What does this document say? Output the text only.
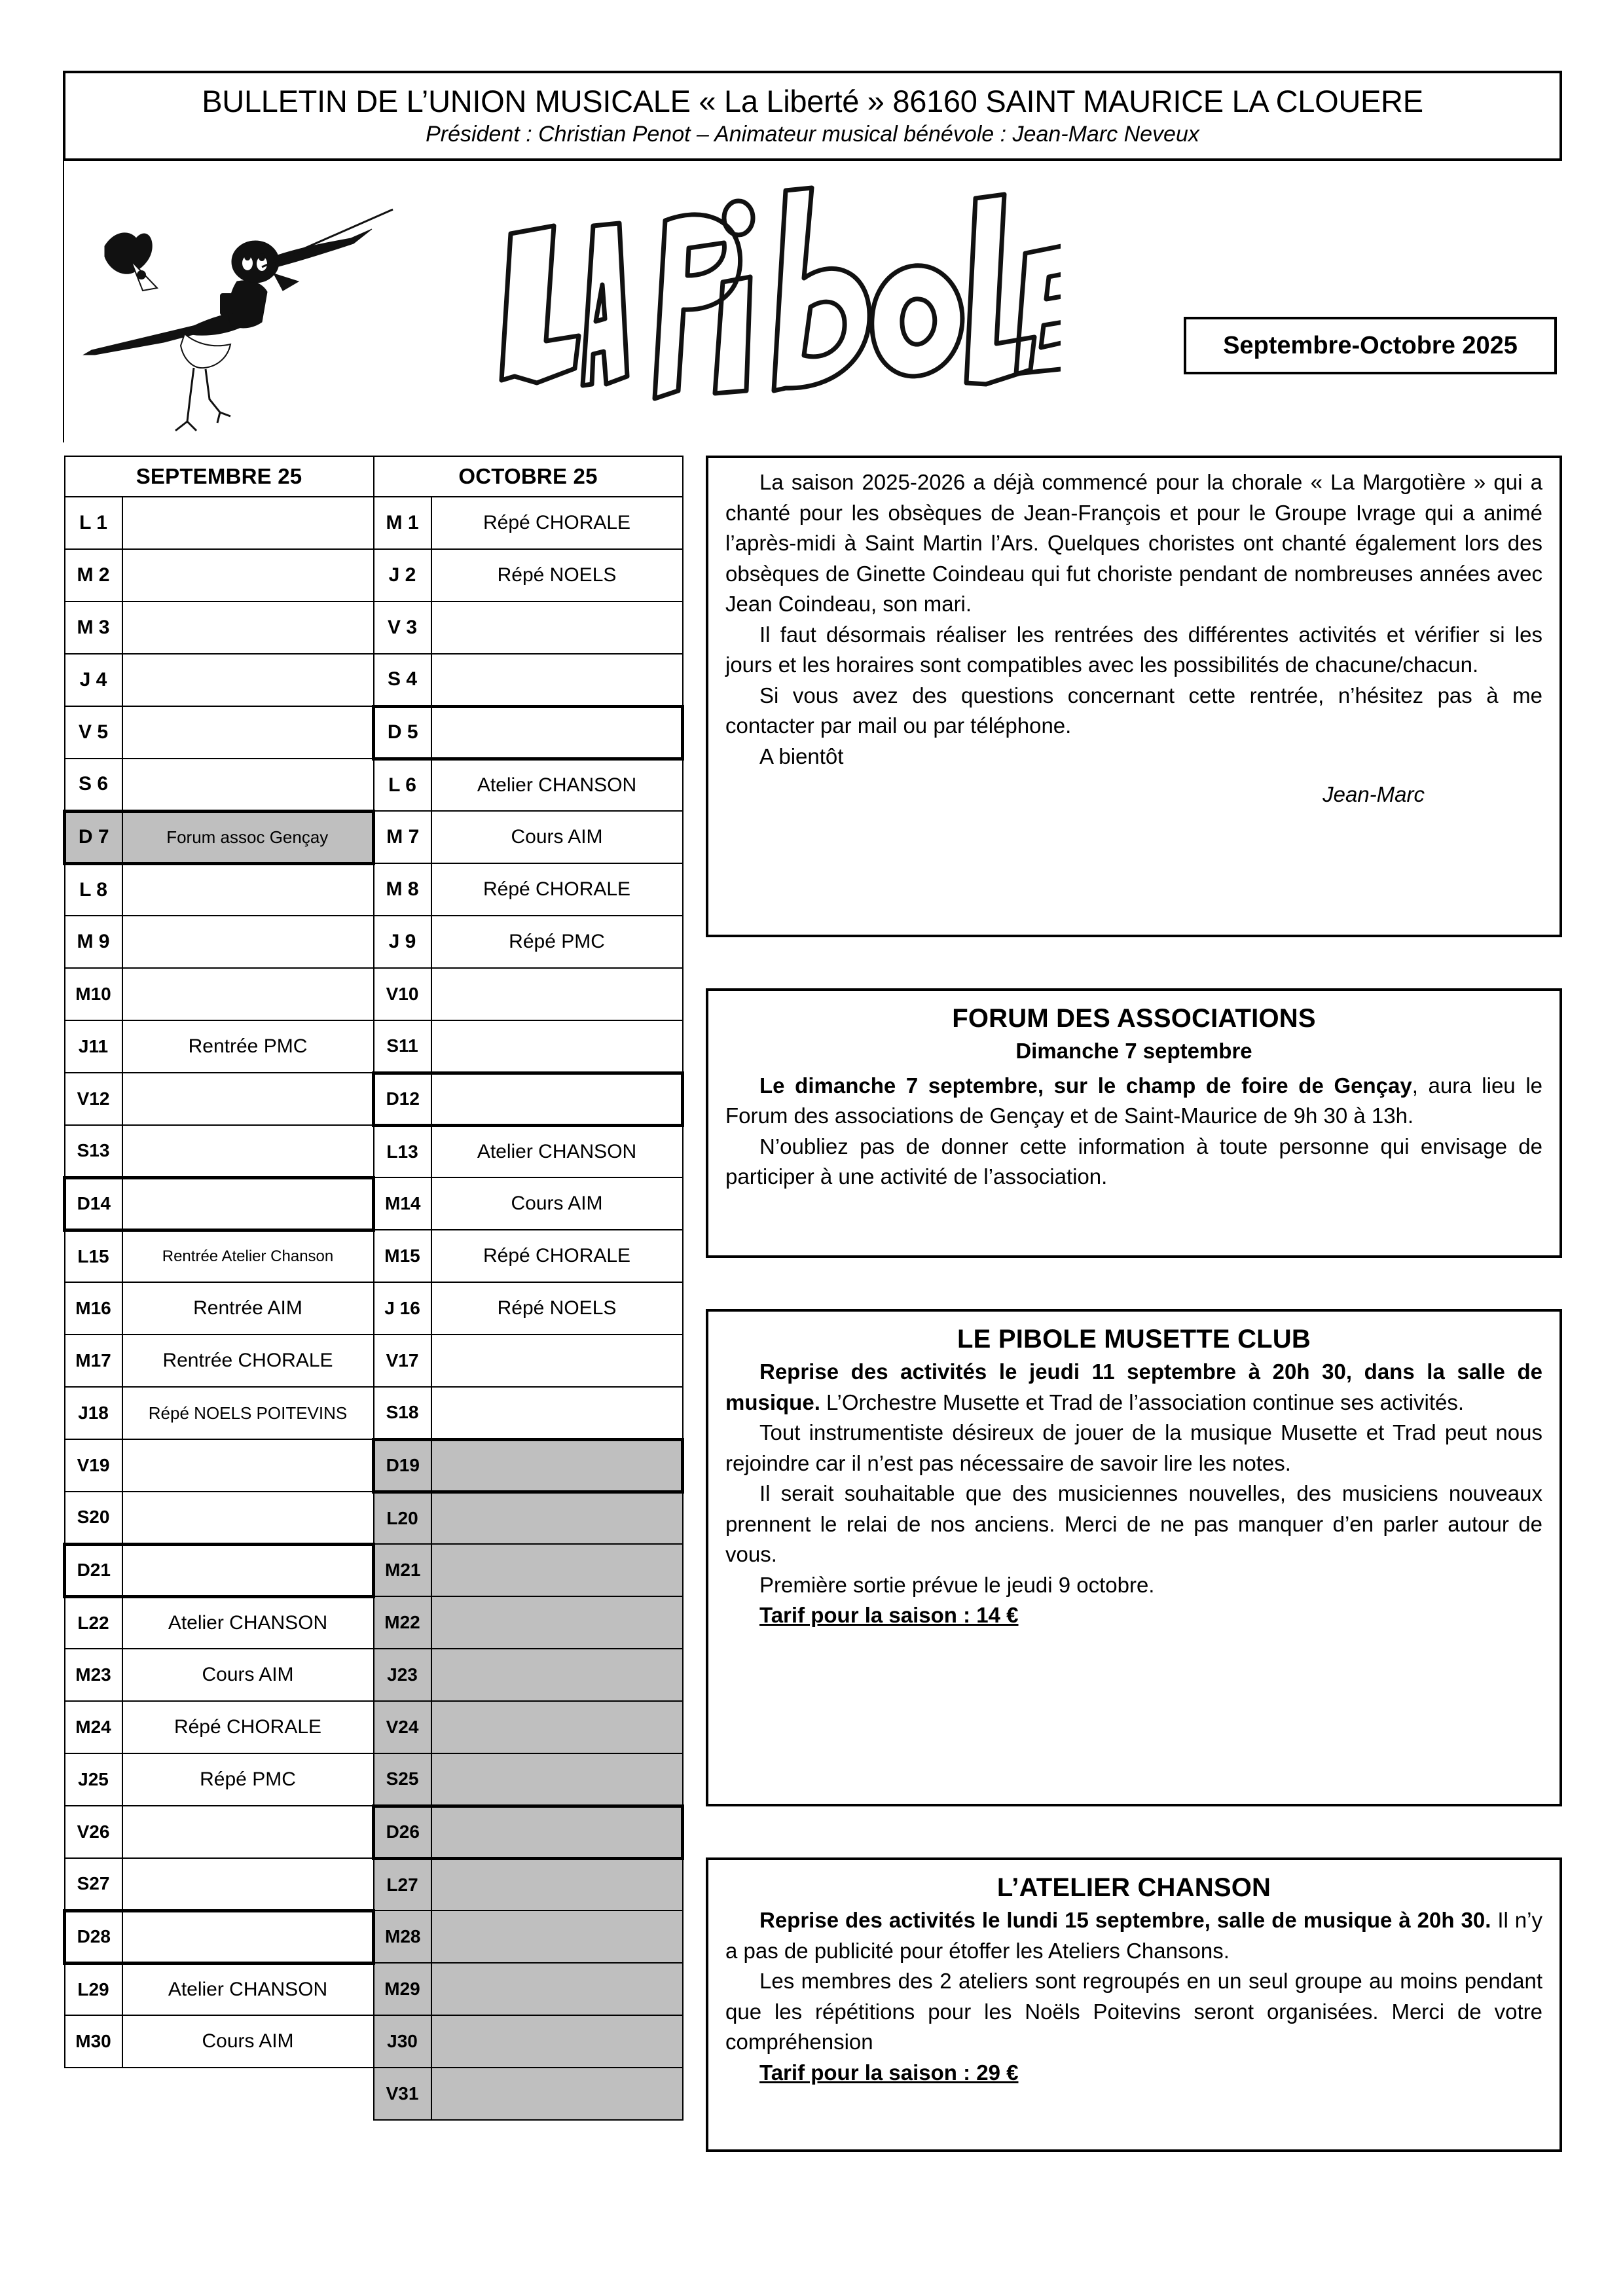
BULLETIN DE L’UNION MUSICALE « La Liberté » 86160 SAINT MAURICE LA CLOUERE
Président : Christian Penot – Animateur musical bénévole : Jean-Marc Neveux
Septembre-Octobre 2025
SEPTEMBRE 25		OCTOBRE 25	
L 1		M 1	Répé CHORALE
M 2		J 2	Répé NOELS
M 3		V 3	
J 4		S 4	
V 5		D 5	
S 6		L 6	Atelier CHANSON
D 7	Forum assoc Gençay	M 7	Cours AIM
L 8		M 8	Répé CHORALE
M 9		J 9	Répé PMC
M10		V10	
J11	Rentrée PMC	S11	
V12		D12	
S13		L13	Atelier CHANSON
D14		M14	Cours AIM
L15	Rentrée Atelier Chanson	M15	Répé CHORALE
M16	Rentrée AIM	J 16	Répé NOELS
M17	Rentrée CHORALE	V17	
J18	Répé NOELS POITEVINS	S18	
V19		D19	
S20		L20	
D21		M21	
L22	Atelier CHANSON	M22	
M23	Cours AIM	J23	
M24	Répé CHORALE	V24	
J25	Répé PMC	S25	
V26		D26	
S27		L27	
D28		M28	
L29	Atelier CHANSON	M29	
M30	Cours AIM	J30	
		V31	

La saison 2025-2026 a déjà commencé pour la chorale « La Margotière » qui a chanté pour les obsèques de Jean-François et pour le Groupe Ivrage qui a animé l’après-midi à Saint Martin l’Ars. Quelques choristes ont chanté également lors des obsèques de Ginette Coindeau qui fut choriste pendant de nombreuses années avec Jean Coindeau, son mari.

Il faut désormais réaliser les rentrées des différentes activités et vérifier si les jours et les horaires sont compatibles avec les possibilités de chacune/chacun.

Si vous avez des questions concernant cette rentrée, n’hésitez pas à me contacter par mail ou par téléphone.

A bientôt

Jean-Marc
FORUM DES ASSOCIATIONS

Dimanche 7 septembre

Le dimanche 7 septembre, sur le champ de foire de Gençay, aura lieu le Forum des associations de Gençay et de Saint-Maurice de 9h 30 à 13h.

N’oubliez pas de donner cette information à toute personne qui envisage de participer à une activité de l’association.

LE PIBOLE MUSETTE CLUB

Reprise des activités le jeudi 11 septembre à 20h 30, dans la salle de musique. L’Orchestre Musette et Trad de l’association continue ses activités.

Tout instrumentiste désireux de jouer de la musique Musette et Trad peut nous rejoindre car il n’est pas nécessaire de savoir lire les notes.

Il serait souhaitable que des musiciennes nouvelles, des musiciens nouveaux prennent le relai de nos anciens. Merci de ne pas manquer d’en parler autour de vous.

Première sortie prévue le jeudi 9 octobre.

Tarif pour la saison : 14 €

L’ATELIER CHANSON

Reprise des activités le lundi 15 septembre, salle de musique à 20h 30. Il n’y a pas de publicité pour étoffer les Ateliers Chansons.

Les membres des 2 ateliers sont regroupés en un seul groupe au moins pendant que les répétitions pour les Noëls Poitevins seront organisées. Merci de votre compréhension

Tarif pour la saison : 29 €
